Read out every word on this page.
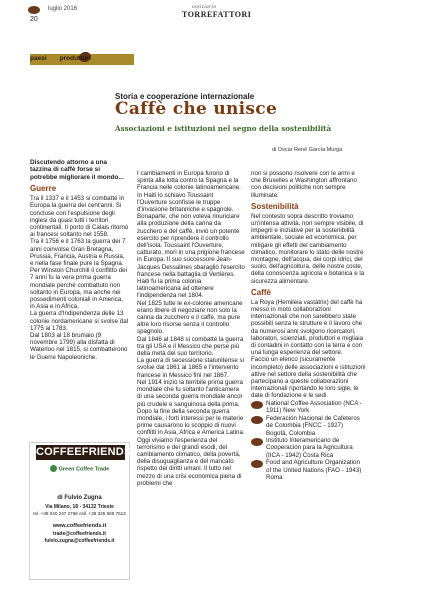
luglio 2016
20
notiziario
TORREFATTORI
paesi produttori
Storia e cooperazione internazionale
Caffè che unisce
Associazioni e istituzioni nel segno della sostenibilità
di Oscar René García Murga

Discutendo attorno a una tazzina di caffè forse si potrebbe migliorare il mondo...

Guerre

Tra il 1337 e il 1453 si combatté in Europa la guerra dei cent'anni. Si concluse con l'espulsione degli inglesi da quasi tutti i territori continentali. Il porto di Calais ritornò ai francesi soltanto nel 1558.

Tra il 1756 e il 1763 la guerra dei 7 anni coinvolse Gran Bretagna, Prussia, Francia, Austria e Russia, e nella fase finale pure la Spagna. Per Winston Churchill il conflitto dei 7 anni fu la vera prima guerra mondiale perché combattuto non soltanto in Europa, ma anche nei possedimenti coloniali in America, in Asia e in Africa.

La guerra d'Indipendenza delle 13 colonie nordamericane si svolse dal 1775 al 1783.

Dal 1803 al 18 brumaio (9 novembre 1799) alla disfatta di Waterloo nel 1815, si combatterono le Guerre Napoleoniche.

COFFEEFRIENDS
Green Coffee Trade
di Fulvio Zugna
Via Milano, 18 - 34132 Trieste
tel. +39 040 247 2766 cell. +39 335 569 7513
www.coffeefriends.it
trade@coffeefriends.it
fulvio.zugna@coffeefriends.it

I cambiamenti in Europa furono di spinta alla lotta contro la Spagna e la Francia nelle colonie latinoamericane. In Haiti lo schiavo Toussaint l'Ouverture sconfisse le truppe d'invasione britanniche e spagnole. Bonaparte, che non voleva rinunciare alla produzione della canna da zucchero e del caffè, inviò un potente esercito per riprendere il controllo dell'isola. Toussaint l'Ouverture, catturato, morì in una prigione francese in Europa. Il suo successore Jean-Jacques Dessalines sbaragliò l'esercito francese nella battaglia di Vertières. Haiti fu la prima colonia latinoamericana ad ottenere l'indipendenza nel 1804.

Nel 1825 tutte le ex-colonie americane erano libere di negoziare non solo la canna da zucchero e il caffè, ma pure altre loro risorse senza il controllo spagnolo.

Dal 1846 al 1848 si combatté la guerra tra gli USA e il Messico che perse più della metà del suo territorio.

La guerra di secessione statunitense si svolse dal 1861 al 1865 e l'intervento francese in Messico finì nel 1867.

Nel 1914 iniziò la terribile prima guerra mondiale che fu soltanto l'anticamera di una seconda guerra mondiale ancor più crudele e sanguinosa della prima.

Dopo la fine della seconda guerra mondiale, i forti interessi per le materie prime causarono lo scoppio di nuovi conflitti in Asia, Africa e America Latina.

Oggi viviamo l'esperienza del terrorismo e dei grandi esodi, del cambiamento climatico, della povertà, della disuguaglianza e del mancato rispetto dei diritti umani. Il tutto nel mezzo di una crisi economica piena di problemi che

non si possono risolvere con le armi e che Bruxelles e Washington affrontano con decisioni politiche non sempre illuminate.

Sostenibilità

Nel contesto sopra descritto troviamo un'intensa attività, non sempre visibile, di impegni e iniziative per la sostenibilità ambientale, sociale ed economica, per mitigare gli effetti del cambiamento climatico, monitorare lo stato delle nostre montagne, dell'acqua, dei corpi idrici, del suolo, dell'agricoltura, delle nostre coste, della conoscenza agricola e botanica e la sicurezza alimentare.

Caffè

La Roya (Hemileia vastatrix) del caffè ha messo in moto collaborazioni internazionali che non sarebbero state possibili senza le strutture e il lavoro che da numerosi anni svolgono ricercatori, laboratori, scienziati, produttori e migliaia di contadini in contatto con la terra e con una lunga esperienza del settore.

Faccio un elenco (sicuramente incompleto) delle associazioni e istituzioni attive nel settore della sostenibilità che partecipano a queste collaborazioni internazionali riportando le loro sigle, le date di fondazione e le sedi.

National Coffee Association (NCA - 1911) New York
Federación Nacional de Cafeteros de Colombia (FNCC - 1927) Bogotà, Colombia
Instituto Interamericano de Cooperación para la Agricultura (IICA - 1942) Costa Rica
Food and Agriculture Organization of the United Nations (FAO - 1943) Roma
